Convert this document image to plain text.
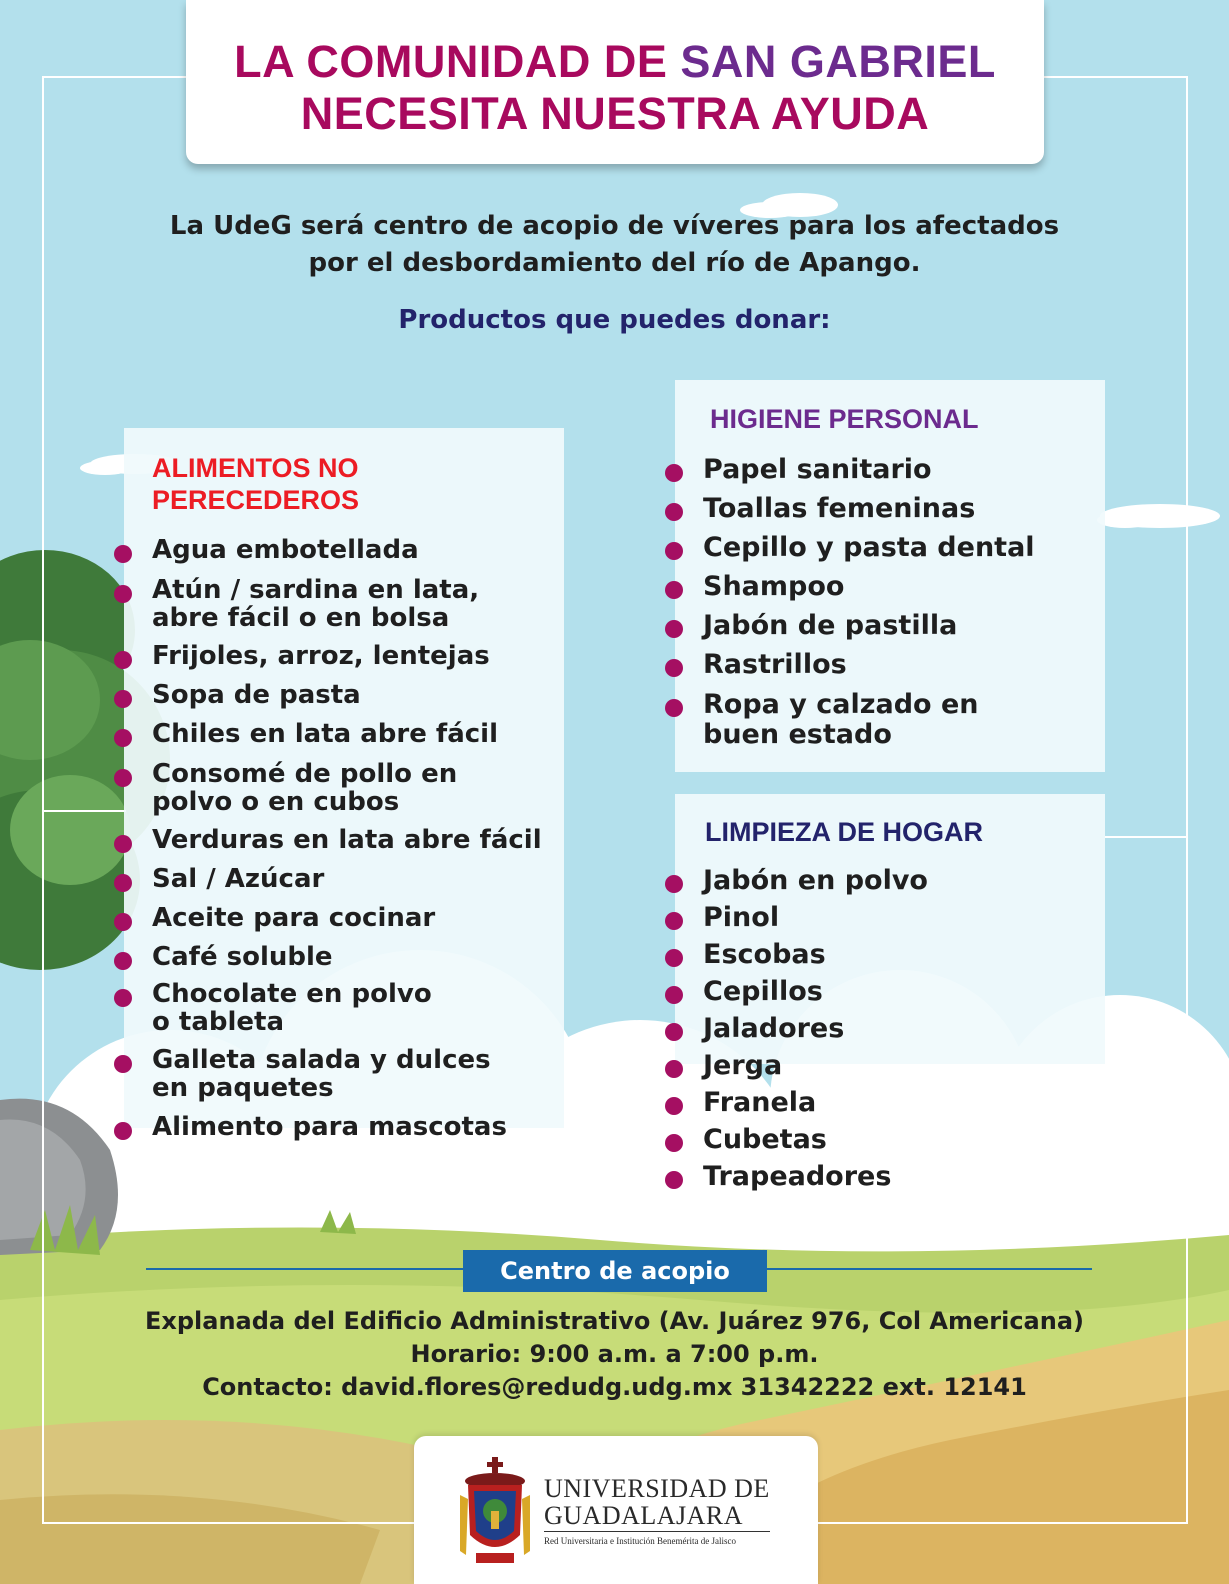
LA COMUNIDAD DE SAN GABRIEL
NECESITA NUESTRA AYUDA
La UdeG será centro de acopio de víveres para los afectados
por el desbordamiento del río de Apango.
Productos que puedes donar:
ALIMENTOS NO PERECEDEROS
HIGIENE PERSONAL
LIMPIEZA DE HOGAR
Agua embotellada
Atún / sardina en lata,
abre fácil o en bolsa
Frijoles, arroz, lentejas
Sopa de pasta
Chiles en lata abre fácil
Consomé de pollo en
polvo o en cubos
Verduras en lata abre fácil
Sal / Azúcar
Aceite para cocinar
Café soluble
Chocolate en polvo
o tableta
Galleta salada y dulces
en paquetes
Alimento para mascotas
Papel sanitario
Toallas femeninas
Cepillo y pasta dental
Shampoo
Jabón de pastilla
Rastrillos
Ropa y calzado en
buen estado
Jabón en polvo
Pinol
Escobas
Cepillos
Jaladores
Jerga
Franela
Cubetas
Trapeadores
Centro de acopio
Explanada del Edificio Administrativo (Av. Juárez 976, Col Americana)
Horario: 9:00 a.m. a 7:00 p.m.
Contacto: david.flores@redudg.udg.mx 31342222 ext. 12141
UNIVERSIDAD DE
GUADALAJARA
Red Universitaria e Institución Benemérita de Jalisco
